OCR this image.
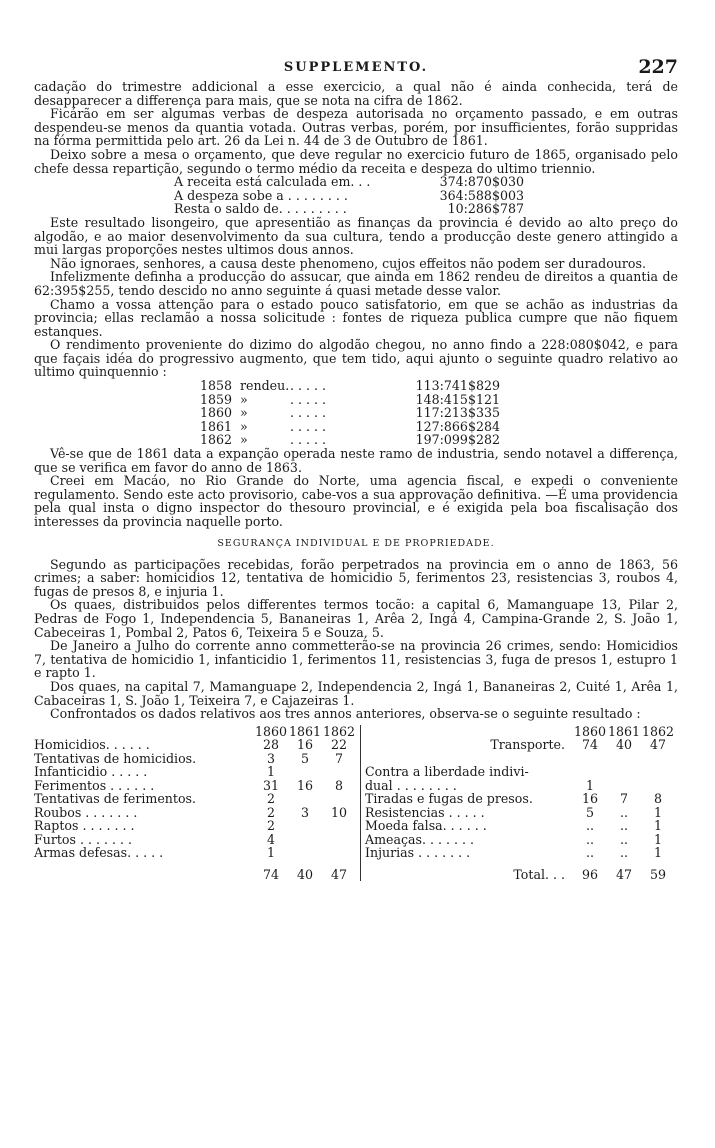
SUPPLEMENTO.	227

cadação do trimestre addicional a esse exercicio, a qual não é ainda conhecida, terá de desapparecer a differença para mais, que se nota na cifra de 1862.

Ficárão em ser algumas verbas de despeza autorisada no orçamento passado, e em outras despendeu-se menos da quantia votada. Outras verbas, porém, por insufficientes, forão suppridas na fórma permittida pelo art. 26 da Lei n. 44 de 3 de Outubro de 1861.

Deixo sobre a mesa o orçamento, que deve regular no exercicio futuro de 1865, organisado pelo chefe dessa repartição, segundo o termo médio da receita e despeza do ultimo triennio.

A receita está calculada em. . .	374:870$030
A despeza sobe a . . . . . . . .	364:588$003
Resta o saldo de. . . . . . . . .	10:286$787

Este resultado lisongeiro, que apresentião as finanças da provincia é devido ao alto preço do algodão, e ao maior desenvolvimento da sua cultura, tendo a producção deste genero attingido a mui largas proporções nestes ultimos dous annos.

Não ignoraes, senhores, a causa deste phenomeno, cujos effeitos não podem ser duradouros.

Infelizmente definha a producção do assucar, que ainda em 1862 rendeu de direitos a quantia de 62:395$255, tendo descido no anno seguinte á quasi metade desse valor.

Chamo a vossa attenção para o estado pouco satisfatorio, em que se achão as industrias da provincia; ellas reclamão a nossa solicitude : fontes de riqueza publica cumpre que não fiquem estanques.

O rendimento proveniente do dizimo do algodão chegou, no anno findo a 228:080$042, e para que façais idéa do progressivo augmento, que tem tido, aqui ajunto o seguinte quadro relativo ao ultimo quinquennio :

1858 rendeu. . . . . .	113:741$829
1859 »	. . . . .	148:415$121
1860 »	. . . . .	117:213$335
1861 »	. . . . .	127:866$284
1862 »	. . . . .	197:099$282

Vê-se que de 1861 data a expanção operada neste ramo de industria, sendo notavel a differença, que se verifica em favor do anno de 1863.

Creei em Macáo, no Rio Grande do Norte, uma agencia fiscal, e expedi o conveniente regulamento. Sendo este acto provisorio, cabe-vos a sua approvação definitiva. —É uma providencia pela qual insta o digno inspector do thesouro provincial, e é exigida pela boa fiscalisação dos interesses da provincia naquelle porto.

SEGURANÇA INDIVIDUAL E DE PROPRIEDADE.

Segundo as participações recebidas, forão perpetrados na provincia em o anno de 1863, 56 crimes; a saber: homicidios 12, tentativa de homicidio 5, ferimentos 23, resistencias 3, roubos 4, fugas de presos 8, e injuria 1.

Os quaes, distribuidos pelos differentes termos tocão: a capital 6, Mamanguape 13, Pilar 2, Pedras de Fogo 1, Independencia 5, Bananeiras 1, Arêa 2, Ingá 4, Campina-Grande 2, S. João 1, Cabeceiras 1, Pombal 2, Patos 6, Teixeira 5 e Souza, 5.

De Janeiro a Julho do corrente anno commetterão-se na provincia 26 crimes, sendo: Homicidios 7, tentativa de homicidio 1, infanticidio 1, ferimentos 11, resistencias 3, fuga de presos 1, estupro 1 e rapto 1.

Dos quaes, na capital 7, Mamanguape 2, Independencia 2, Ingá 1, Bananeiras 2, Cuité 1, Arêa 1, Cabaceiras 1, S. João 1, Teixeira 7, e Cajazeiras 1.

Confrontados os dados relativos aos tres annos anteriores, observa-se o seguinte resultado :

	1860	1861	1862
Homicidios. . . . . .	28	16	22
Tentativas de homicidios.	3	5	7
Infanticidio . . . . .	1		
Ferimentos . . . . . .	31	16	8
Tentativas de ferimentos.	2		
Roubos . . . . . . .	2	3	10
Raptos . . . . . . .	2		
Furtos . . . . . . .	4		
Armas defesas. . . . .	1		
	74	40	47
	1860	1861	1862
Transporte.	74	40	47

Contra a liberdade indivi-			
dual . . . . . . . .	1		
Tiradas e fugas de presos.	16	7	8
Resistencias . . . . .	5	..	1
Moeda falsa. . . . . .	..	..	1
Ameaças. . . . . . .	..	..	1
Injurias . . . . . . .	..	..	1
Total. . .	96	47	59
